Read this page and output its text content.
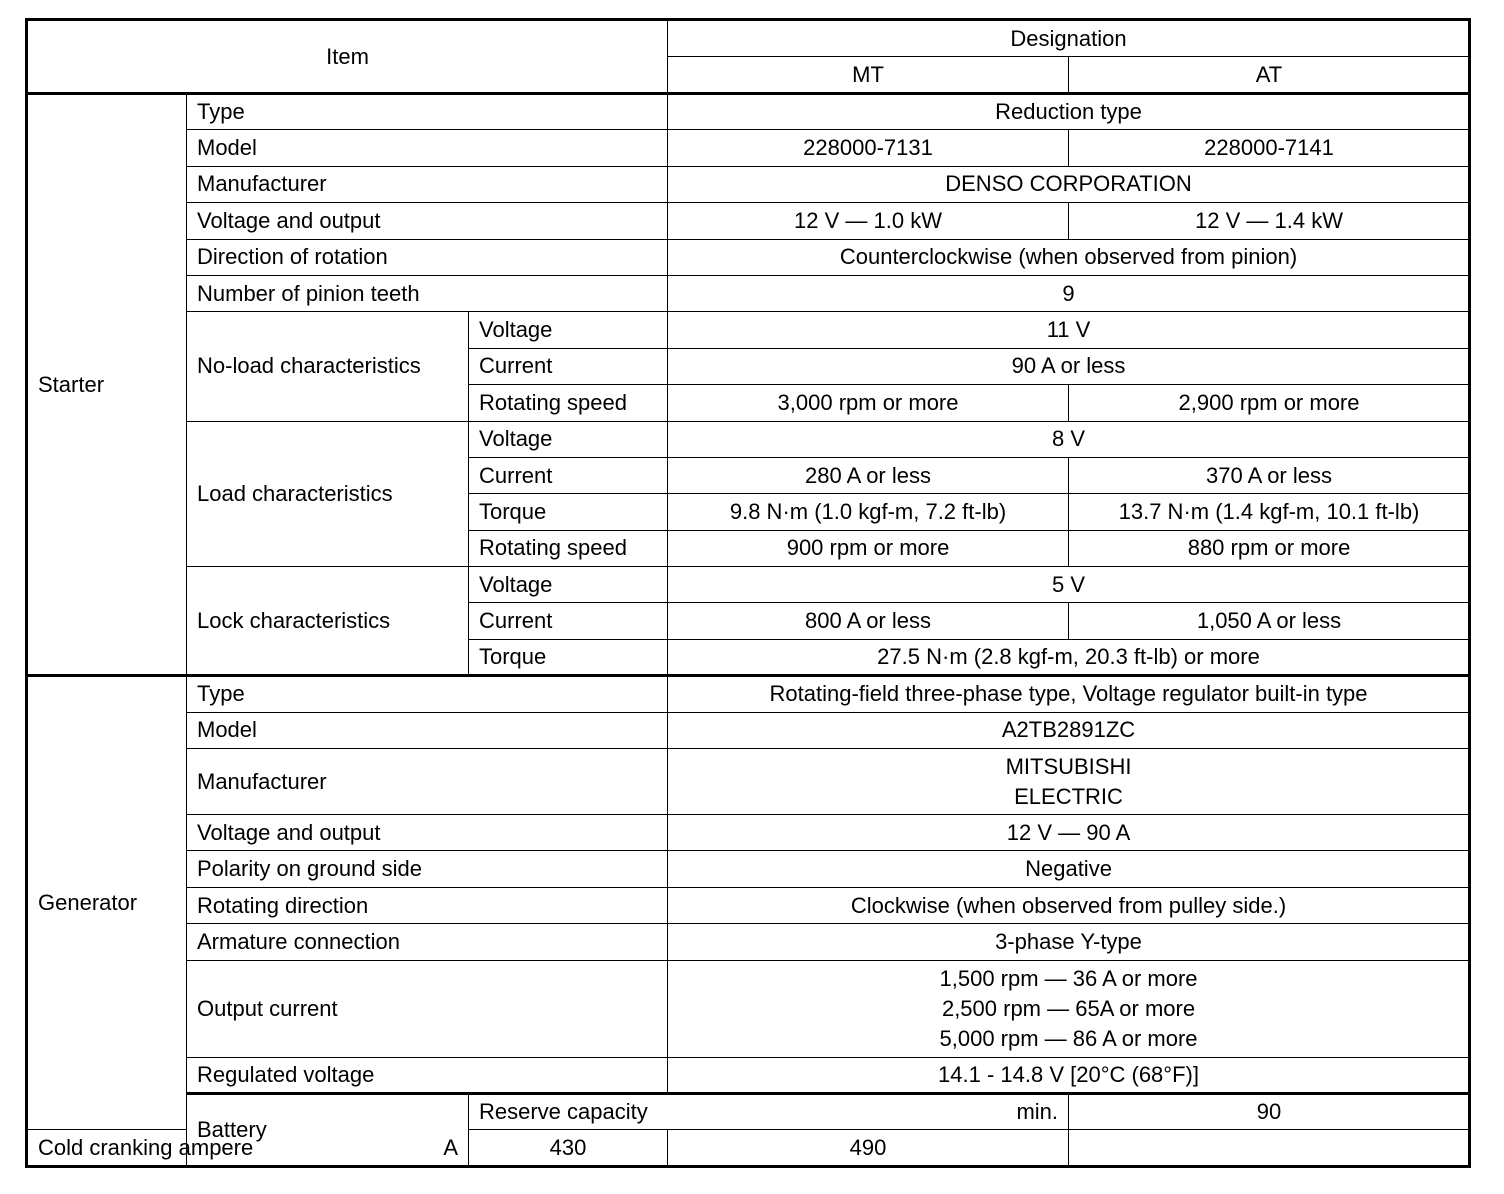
Item			Designation		
			MT	AT	
Starter	Type		Reduction type		
	Model		228000-7131	228000-7141	
	Manufacturer		DENSO CORPORATION		
	Voltage and output		12 V — 1.0 kW	12 V — 1.4 kW	
	Direction of rotation		Counterclockwise (when observed from pinion)		
	Number of pinion teeth		9		
	No-load characteristics	Voltage	11 V		
		Current	90 A or less		
		Rotating speed	3,000 rpm or more	2,900 rpm or more	
	Load characteristics	Voltage	8 V		
		Current	280 A or less	370 A or less	
		Torque	9.8 N·m (1.0 kgf-m, 7.2 ft-lb)	13.7 N·m (1.4 kgf-m, 10.1 ft-lb)	
		Rotating speed	900 rpm or more	880 rpm or more	
	Lock characteristics	Voltage	5 V		
		Current	800 A or less	1,050 A or less	
		Torque	27.5 N·m (2.8 kgf-m, 20.3 ft-lb) or more		
Generator	Type		Rotating-field three-phase type, Voltage regulator built-in type		
	Model		A2TB2891ZC		
	Manufacturer		MITSUBISHI
ELECTRIC		

	Voltage and output		12 V — 90 A		
	Polarity on ground side		Negative		
	Rotating direction		Clockwise (when observed from pulley side.)		
	Armature connection		3-phase Y-type		
	Output current		1,500 rpm — 36 A or more
2,500 rpm — 65A or more
5,000 rpm — 86 A or more		

	Regulated voltage		14.1 - 14.8 V [20°C (68°F)]		
	Battery	Reserve capacity min.		90	

Cold cranking ampere A		430	490		
